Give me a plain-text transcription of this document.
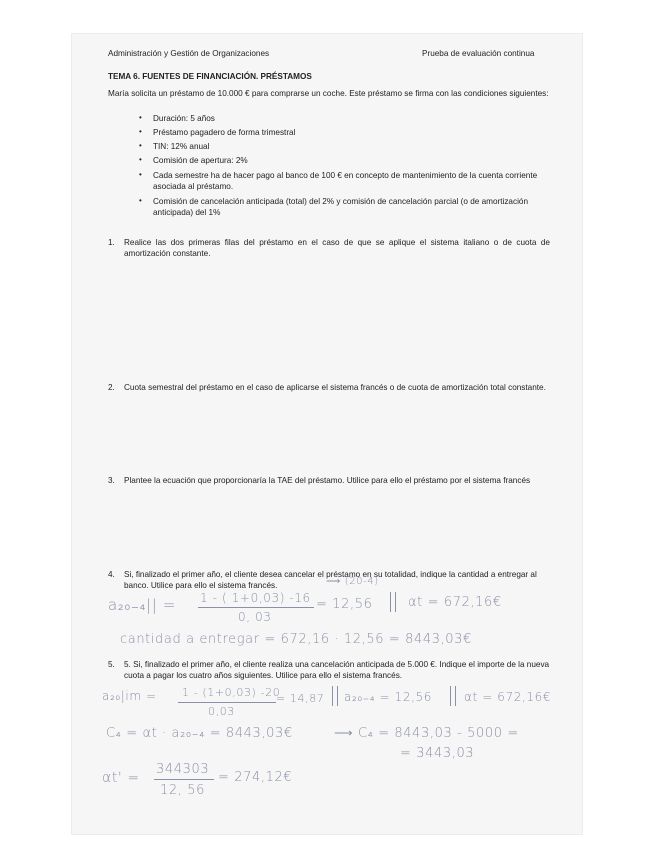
Administración y Gestión de Organizaciones	Prueba de evaluación continua
TEMA 6. FUENTES DE FINANCIACIÓN. PRÉSTAMOS
María solicita un préstamo de 10.000 € para comprarse un coche. Este préstamo se firma con las condiciones siguientes:
• Duración: 5 años
• Préstamo pagadero de forma trimestral
• TIN: 12% anual
• Comisión de apertura: 2%
• Cada semestre ha de hacer pago al banco de 100 € en concepto de mantenimiento de la cuenta corriente asociada al préstamo.
• Comisión de cancelación anticipada (total) del 2% y comisión de cancelación parcial (o de amortización anticipada) del 1%
1. Realice las dos primeras filas del préstamo en el caso de que se aplique el sistema italiano o de cuota de amortización constante.
2. Cuota semestral del préstamo en el caso de aplicarse el sistema francés o de cuota de amortización total constante.
3. Plantee la ecuación que proporcionaría la TAE del préstamo. Utilice para ello el préstamo por el sistema francés
4. Si, finalizado el primer año, el cliente desea cancelar el préstamo en su totalidad, indique la cantidad a entregar al banco. Utilice para ello el sistema francés.
5. 5. Si, finalizado el primer año, el cliente realiza una cancelación anticipada de 5.000 €. Indique el importe de la nueva cuota a pagar los cuatro años siguientes. Utilice para ello el sistema francés.
⟶ (20-4)
a₂₀₋₄|| = 1 - ( 1+0,03) -16
0, 03
= 12,56	αt = 672,16€
cantidad a entregar = 672,16 · 12,56 = 8443,03€
a₂₀|im = 1 - (1+0,03) -20
0,03
= 14,87 a₂₀₋₄ = 12,56	αt = 672,16€
C₄ = αt · a₂₀₋₄ = 8443,03€	⟶ C₄ = 8443,03 - 5000 =
= 3443,03
αt' =
344303
12, 56
= 274,12€
